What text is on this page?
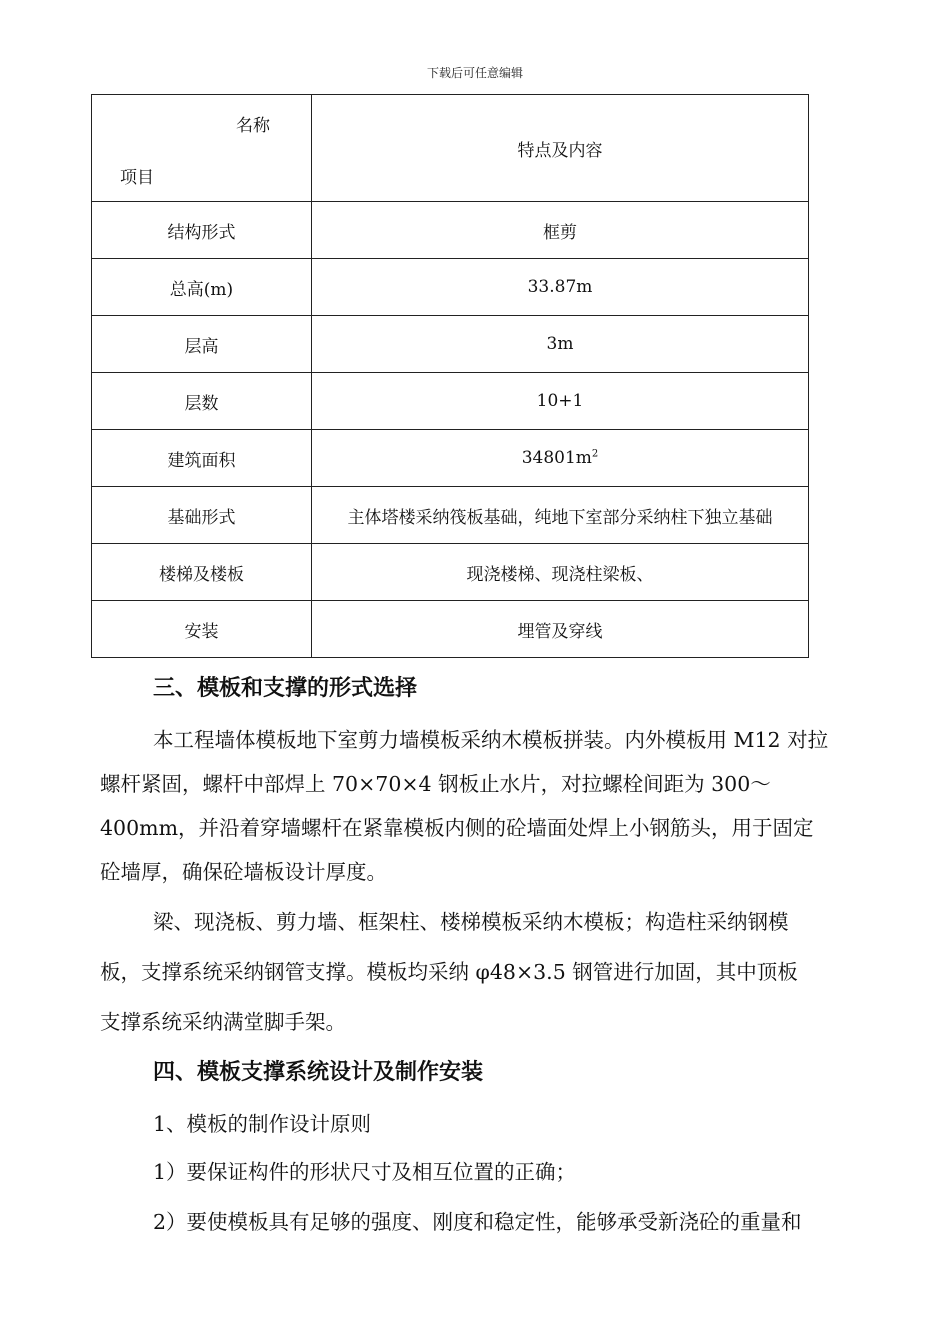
下载后可任意编辑
名称
项目	特点及内容
结构形式	框剪
总高(m)	33.87m
层高	3m
层数	10+1
建筑面积	$34801m^2$
基础形式	主体塔楼采纳筏板基础，纯地下室部分采纳柱下独立基础
楼梯及楼板	现浇楼梯、现浇柱梁板、
安装	埋管及穿线
三、模板和支撑的形式选择
本工程墙体模板地下室剪力墙模板采纳木模板拼装。内外模板用 M12 对拉
螺杆紧固，螺杆中部焊上 70×70×4 钢板止水片，对拉螺栓间距为 300～
400mm，并沿着穿墙螺杆在紧靠模板内侧的砼墙面处焊上小钢筋头，用于固定
砼墙厚，确保砼墙板设计厚度。
梁、现浇板、剪力墙、框架柱、楼梯模板采纳木模板；构造柱采纳钢模
板，支撑系统采纳钢管支撑。模板均采纳 φ48×3.5 钢管进行加固，其中顶板
支撑系统采纳满堂脚手架。
四、模板支撑系统设计及制作安装
1、模板的制作设计原则
1）要保证构件的形状尺寸及相互位置的正确；
2）要使模板具有足够的强度、刚度和稳定性，能够承受新浇砼的重量和
